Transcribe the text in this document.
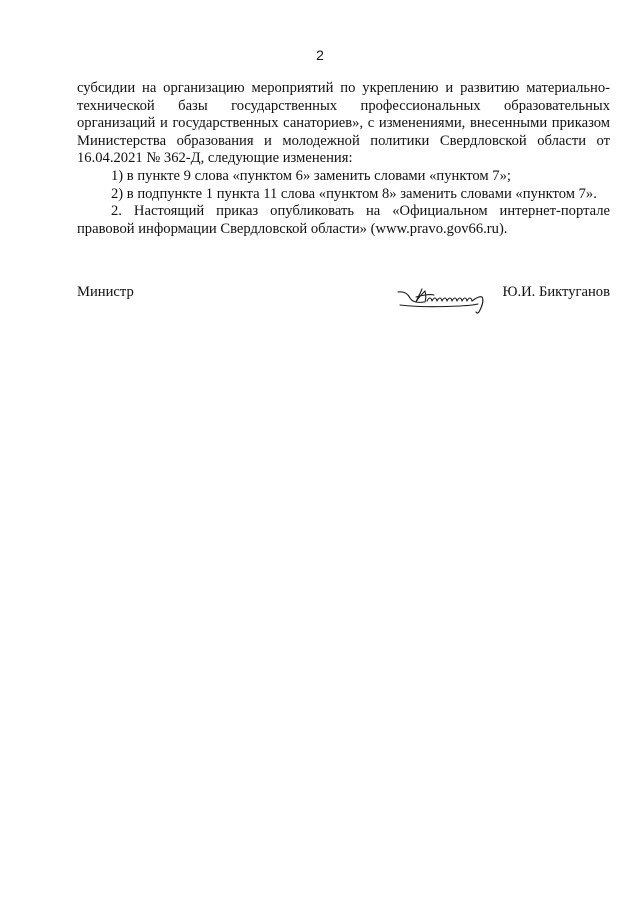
2

субсидии на организацию мероприятий по укреплению и развитию материально-технической базы государственных профессиональных образовательных организаций и государственных санаториев», с изменениями, внесенными приказом Министерства образования и молодежной политики Свердловской области от 16.04.2021 № 362-Д, следующие изменения:

1) в пункте 9 слова «пунктом 6» заменить словами «пунктом 7»;

2) в подпункте 1 пункта 11 слова «пунктом 8» заменить словами «пунктом 7».

2. Настоящий приказ опубликовать на «Официальном интернет-портале правовой информации Свердловской области» (www.pravo.gov66.ru).

Министр	Ю.И. Биктуганов
